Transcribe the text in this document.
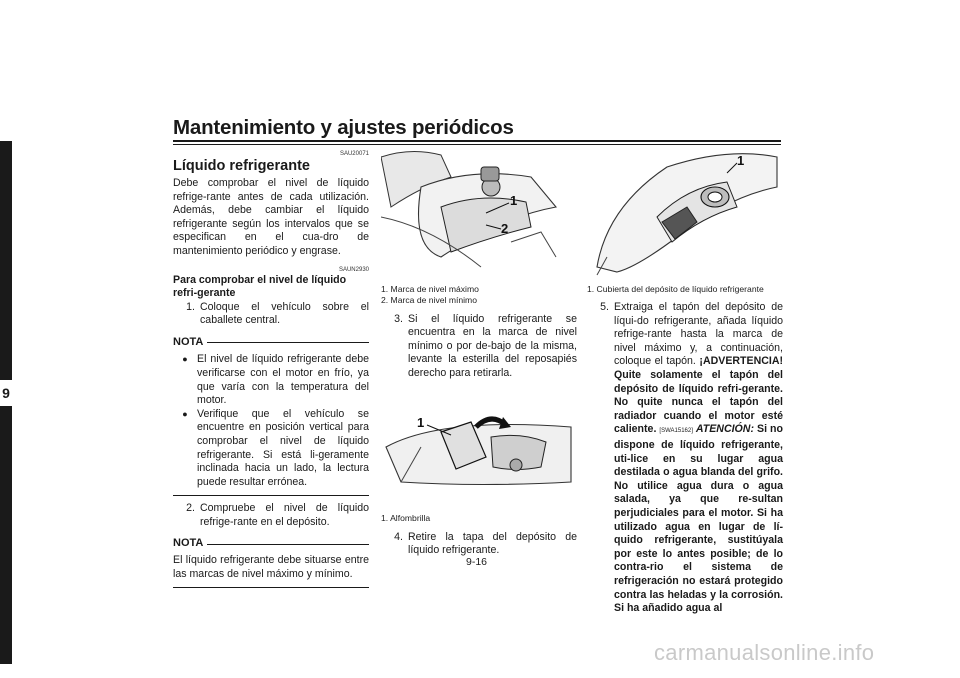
Mantenimiento y ajustes periódicos
9
SAU20071
Líquido refrigerante

Debe comprobar el nivel de líquido refrige-rante antes de cada utilización. Además, debe cambiar el líquido refrigerante según los intervalos que se especifican en el cua-dro de mantenimiento periódico y engrase.

SAUN2930
Para comprobar el nivel de líquido refri-gerante
1. Coloque el vehículo sobre el caballete central.
NOTA
● El nivel de líquido refrigerante debe verificarse con el motor en frío, ya que varía con la temperatura del motor.
● Verifique que el vehículo se encuentre en posición vertical para comprobar el nivel de líquido refrigerante. Si está li-geramente inclinada hacia un lado, la lectura puede resultar errónea.
2. Compruebe el nivel de líquido refrige-rante en el depósito.
NOTA

El líquido refrigerante debe situarse entre las marcas de nivel máximo y mínimo.

1
2
1. Marca de nivel máximo
2. Marca de nivel mínimo
3. Si el líquido refrigerante se encuentra en la marca de nivel mínimo o por de-bajo de la misma, levante la esterilla del reposapiés derecho para retirarla.
1
1. Alfombrilla
4. Retire la tapa del depósito de líquido refrigerante.
1
1. Cubierta del depósito de líquido refrigerante
5. Extraiga el tapón del depósito de líqui-do refrigerante, añada líquido refrige-rante hasta la marca de nivel máximo y, a continuación, coloque el tapón. ¡ADVERTENCIA! Quite solamente el tapón del depósito de líquido refri-gerante. No quite nunca el tapón del radiador cuando el motor esté caliente. [SWA15162] ATENCIÓN: Si no dispone de líquido refrigerante, uti-lice en su lugar agua destilada o agua blanda del grifo. No utilice agua dura o agua salada, ya que re-sultan perjudiciales para el motor. Si ha utilizado agua en lugar de lí-quido refrigerante, sustitúyala por este lo antes posible; de lo contra-rio el sistema de refrigeración no estará protegido contra las heladas y la corrosión. Si ha añadido agua al
9-16
carmanualsonline.info
